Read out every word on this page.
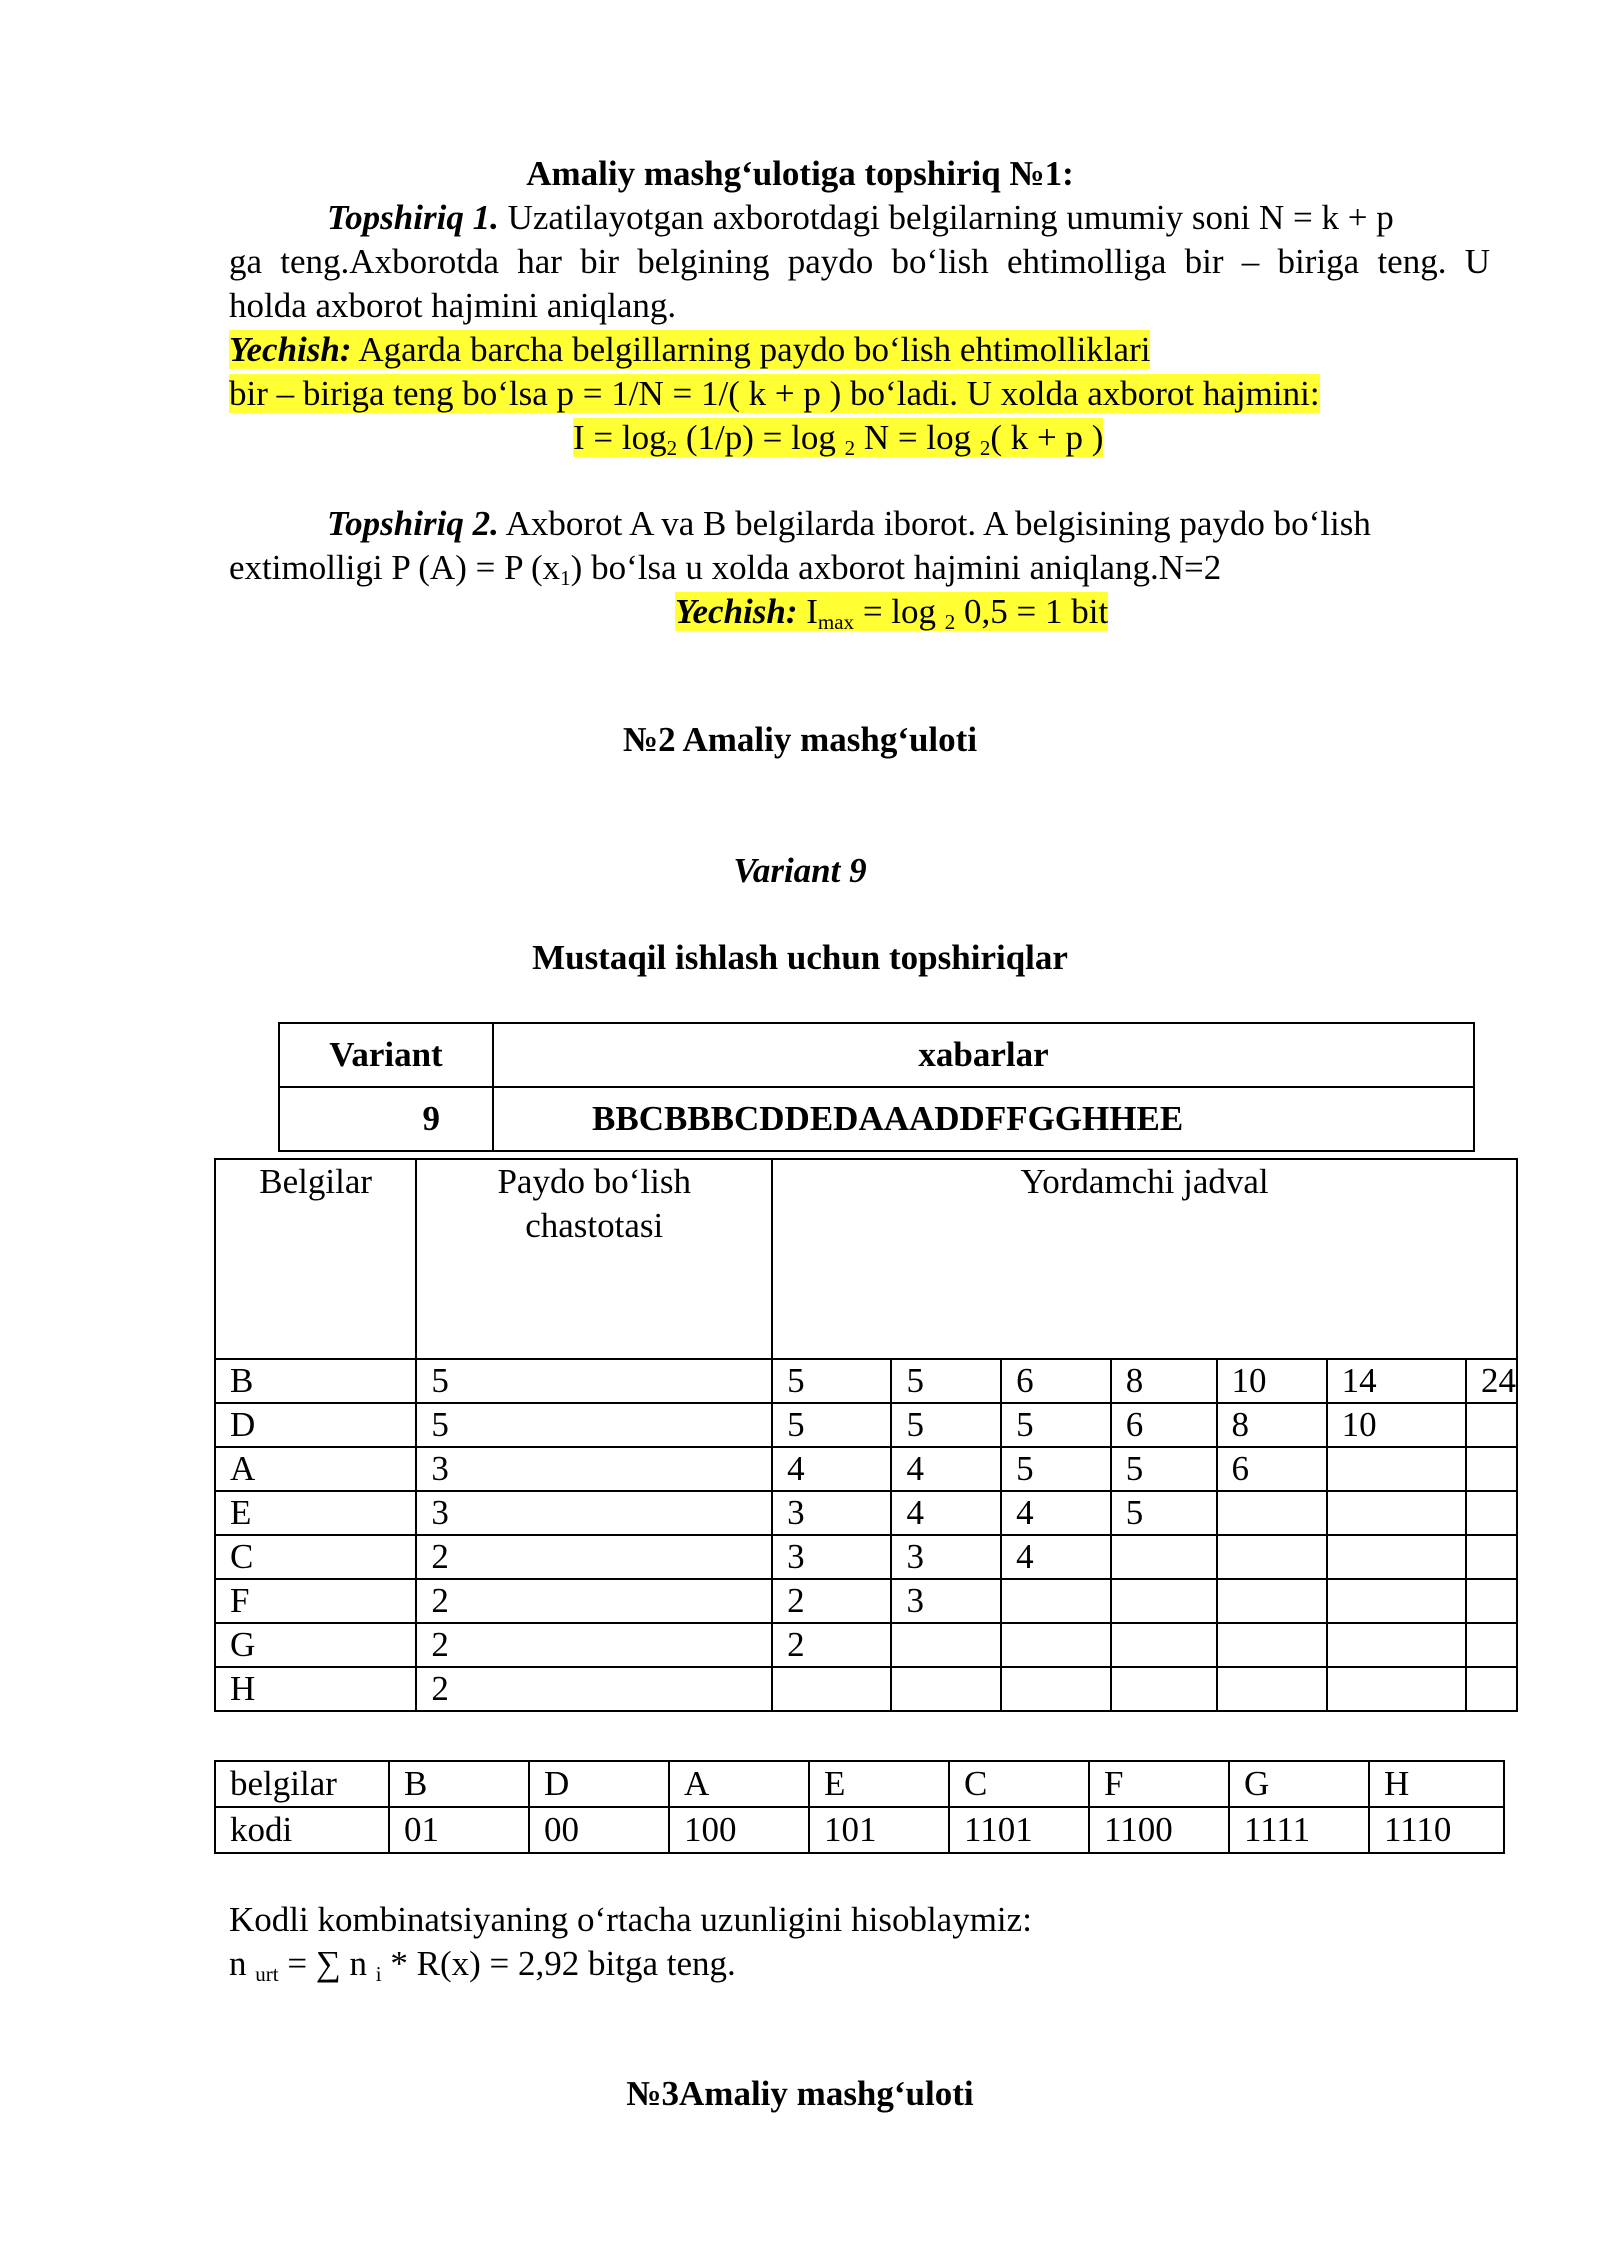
Amaliy mashg‘ulotiga topshiriq №1:
Topshiriq 1. Uzatilayotgan axborotdagi belgilarning umumiy soni N = k + p
ga teng.Axborotda har bir belgining paydo bo‘lish ehtimolliga bir – biriga teng. U
holda axborot hajmini aniqlang.
Yechish: Agarda barcha belgillarning paydo bo‘lish ehtimolliklari
bir – biriga teng bo‘lsa p = 1/N = 1/( k + p ) bo‘ladi. U xolda axborot hajmini:
$I = \log_2 (1/p) = \log _2$ N = log $_2$( k + p )
Topshiriq 2. Axborot A va B belgilarda iborot. A belgisining paydo bo‘lish
extimolligi P (A) = P $(x_1)$ bo‘lsa u xolda axborot hajmini aniqlang.N=2
Yechish: $I_{max} = \log _2$ 0,5 = 1 bit
№2 Amaliy mashg‘uloti
Variant 9
Mustaqil ishlash uchun topshiriqlar
Variant	xabarlar
9	BBCBBBCDDEDAAADDFFGGHHEE
Belgilar	Paydo bo‘lish chastotasi	Yordamchi jadval						
B	5	5	5	6	8	10	14	24
D	5	5	5	5	6	8	10	
A	3	4	4	5	5	6		
E	3	3	4	4	5			
C	2	3	3	4				
F	2	2	3					
G	2	2						
H	2							
belgilar	B	D	A	E	C	F	G	H
kodi	01	00	100	101	1101	1100	1111	1110
Kodli kombinatsiyaning o‘rtacha uzunligini hisoblaymiz:
n $_{urt}$ = ∑ n $_i$ * R(x) = 2,92 bitga teng.
№3Amaliy mashg‘uloti
